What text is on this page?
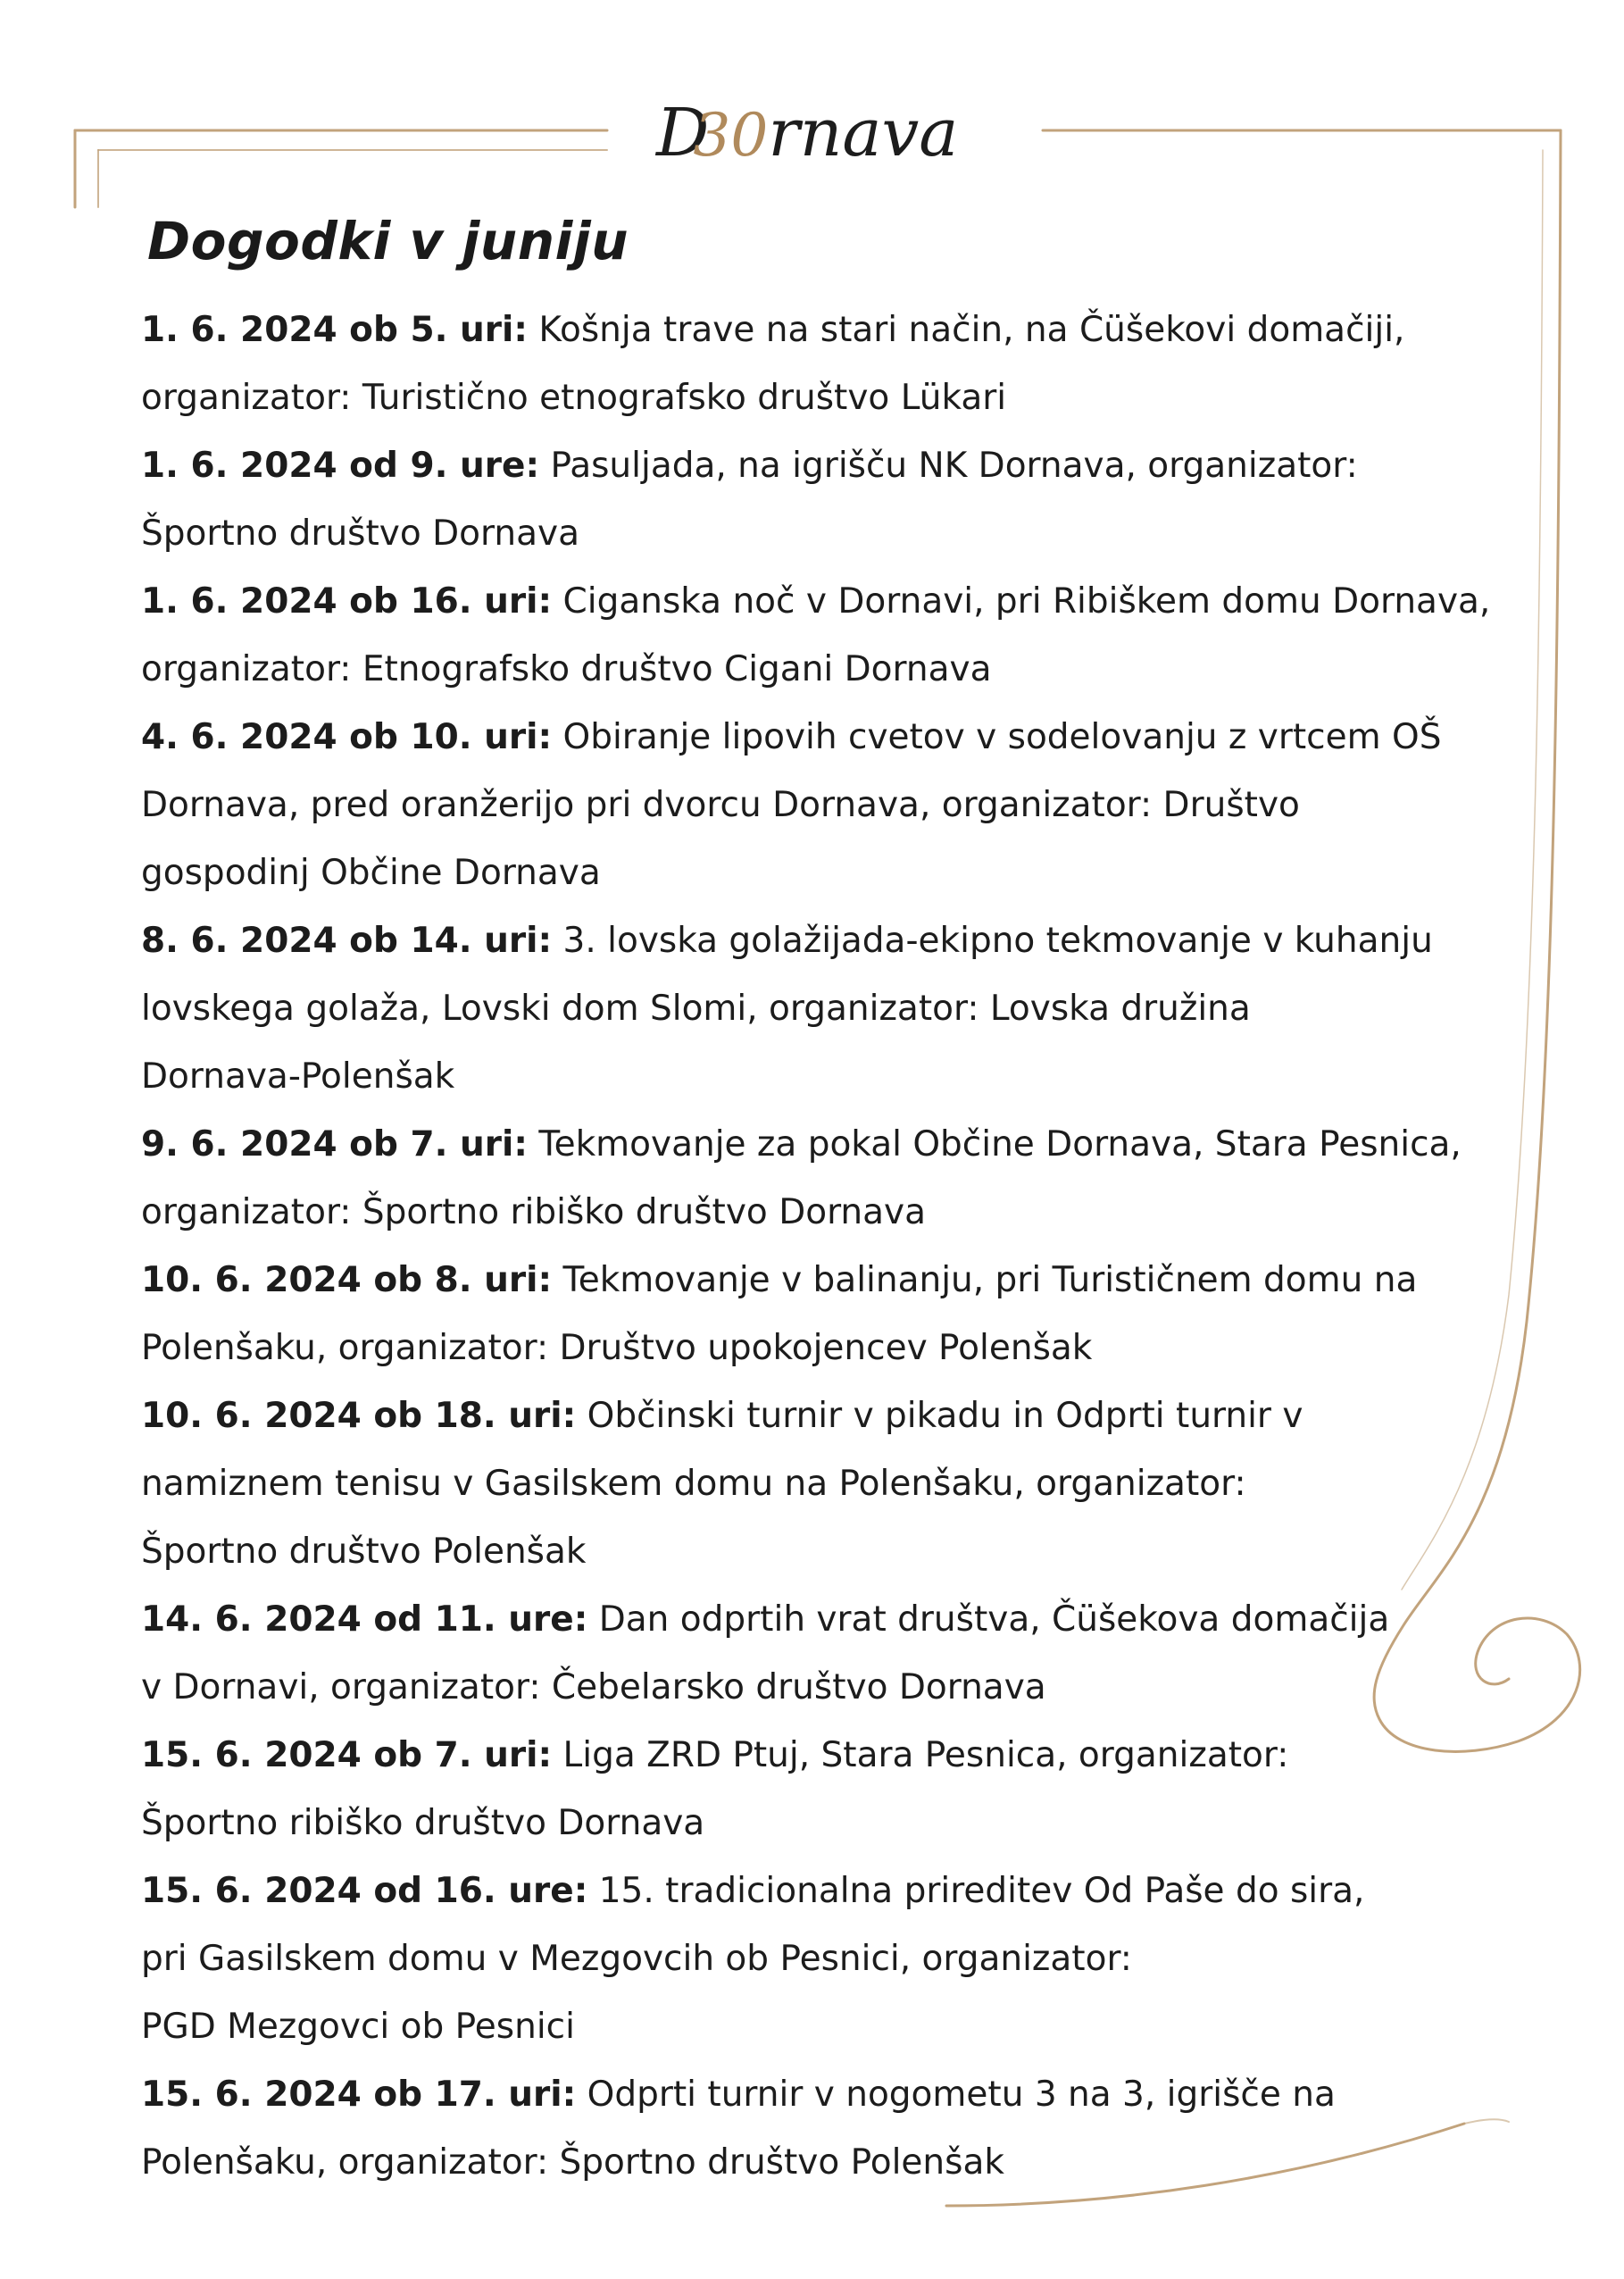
D30rnava
Dogodki v juniju
1. 6. 2024 ob 5. uri: Košnja trave na stari način, na Čüšekovi domačiji,
organizator: Turistično etnografsko društvo Lükari
1. 6. 2024 od 9. ure: Pasuljada, na igrišču NK Dornava, organizator:
Športno društvo Dornava
1. 6. 2024 ob 16. uri: Ciganska noč v Dornavi, pri Ribiškem domu Dornava,
organizator: Etnografsko društvo Cigani Dornava
4. 6. 2024 ob 10. uri: Obiranje lipovih cvetov v sodelovanju z vrtcem OŠ
Dornava, pred oranžerijo pri dvorcu Dornava, organizator: Društvo
gospodinj Občine Dornava
8. 6. 2024 ob 14. uri: 3. lovska golažijada-ekipno tekmovanje v kuhanju
lovskega golaža, Lovski dom Slomi, organizator: Lovska družina
Dornava-Polenšak
9. 6. 2024 ob 7. uri: Tekmovanje za pokal Občine Dornava, Stara Pesnica,
organizator: Športno ribiško društvo Dornava
10. 6. 2024 ob 8. uri: Tekmovanje v balinanju, pri Turističnem domu na
Polenšaku, organizator: Društvo upokojencev Polenšak
10. 6. 2024 ob 18. uri: Občinski turnir v pikadu in Odprti turnir v
namiznem tenisu v Gasilskem domu na Polenšaku, organizator:
Športno društvo Polenšak
14. 6. 2024 od 11. ure: Dan odprtih vrat društva, Čüšekova domačija
v Dornavi, organizator: Čebelarsko društvo Dornava
15. 6. 2024 ob 7. uri: Liga ZRD Ptuj, Stara Pesnica, organizator:
Športno ribiško društvo Dornava
15. 6. 2024 od 16. ure: 15. tradicionalna prireditev Od Paše do sira,
pri Gasilskem domu v Mezgovcih ob Pesnici, organizator:
PGD Mezgovci ob Pesnici
15. 6. 2024 ob 17. uri: Odprti turnir v nogometu 3 na 3, igrišče na
Polenšaku, organizator: Športno društvo Polenšak
